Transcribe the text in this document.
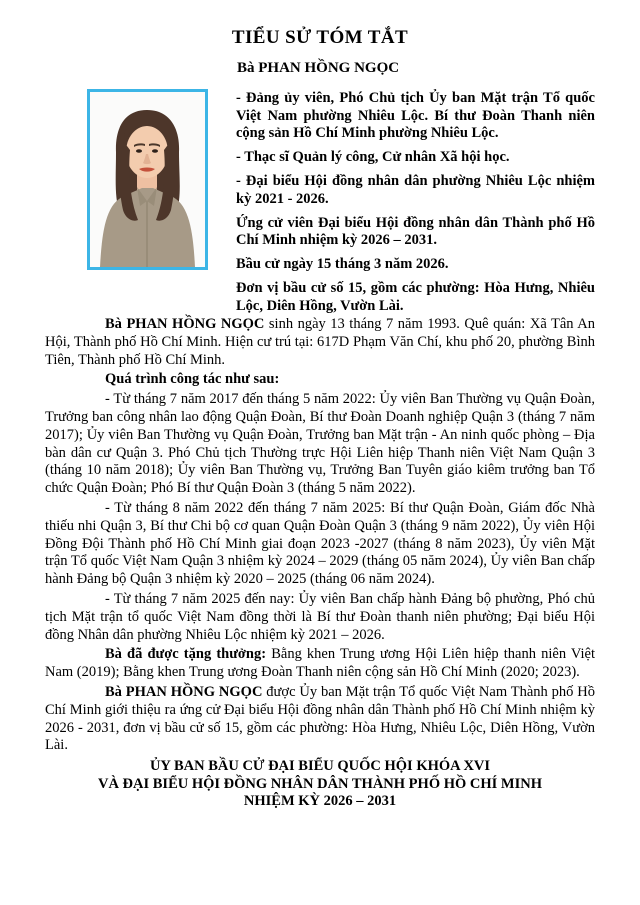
TIỂU SỬ TÓM TẮT
Bà PHAN HỒNG NGỌC

- Đảng ủy viên, Phó Chủ tịch Ủy ban Mặt trận Tổ quốc Việt Nam phường Nhiêu Lộc. Bí thư Đoàn Thanh niên cộng sản Hồ Chí Minh phường Nhiêu Lộc.

- Thạc sĩ Quản lý công, Cử nhân Xã hội học.

- Đại biểu Hội đồng nhân dân phường Nhiêu Lộc nhiệm kỳ 2021 - 2026.

Ứng cử viên Đại biểu Hội đồng nhân dân Thành phố Hồ Chí Minh nhiệm kỳ 2026 – 2031.

Bầu cử ngày 15 tháng 3 năm 2026.

Đơn vị bầu cử số 15, gồm các phường: Hòa Hưng, Nhiêu Lộc, Diên Hồng, Vườn Lài.

Bà PHAN HỒNG NGỌC sinh ngày 13 tháng 7 năm 1993. Quê quán: Xã Tân An Hội, Thành phố Hồ Chí Minh. Hiện cư trú tại: 617D Phạm Văn Chí, khu phố 20, phường Bình Tiên, Thành phố Hồ Chí Minh.

Quá trình công tác như sau:

- Từ tháng 7 năm 2017 đến tháng 5 năm 2022: Ủy viên Ban Thường vụ Quận Đoàn, Trưởng ban công nhân lao động Quận Đoàn, Bí thư Đoàn Doanh nghiệp Quận 3 (tháng 7 năm 2017); Ủy viên Ban Thường vụ Quận Đoàn, Trưởng ban Mặt trận - An ninh quốc phòng – Địa bàn dân cư Quận 3. Phó Chủ tịch Thường trực Hội Liên hiệp Thanh niên Việt Nam Quận 3 (tháng 10 năm 2018); Ủy viên Ban Thường vụ, Trưởng Ban Tuyên giáo kiêm trưởng ban Tổ chức Quận Đoàn; Phó Bí thư Quận Đoàn 3 (tháng 5 năm 2022).

- Từ tháng 8 năm 2022 đến tháng 7 năm 2025: Bí thư Quận Đoàn, Giám đốc Nhà thiếu nhi Quận 3, Bí thư Chi bộ cơ quan Quận Đoàn Quận 3 (tháng 9 năm 2022), Ủy viên Hội Đồng Đội Thành phố Hồ Chí Minh giai đoạn 2023 -2027 (tháng 8 năm 2023), Ủy viên Mặt trận Tổ quốc Việt Nam Quận 3 nhiệm kỳ 2024 – 2029 (tháng 05 năm 2024), Ủy viên Ban chấp hành Đảng bộ Quận 3 nhiệm kỳ 2020 – 2025 (tháng 06 năm 2024).

- Từ tháng 7 năm 2025 đến nay: Ủy viên Ban chấp hành Đảng bộ phường, Phó chủ tịch Mặt trận tổ quốc Việt Nam đồng thời là Bí thư Đoàn thanh niên phường; Đại biểu Hội đồng Nhân dân phường Nhiêu Lộc nhiệm kỳ 2021 – 2026.

Bà đã được tặng thưởng: Bằng khen Trung ương Hội Liên hiệp thanh niên Việt Nam (2019); Bằng khen Trung ương Đoàn Thanh niên cộng sản Hồ Chí Minh (2020; 2023).

Bà PHAN HỒNG NGỌC được Ủy ban Mặt trận Tổ quốc Việt Nam Thành phố Hồ Chí Minh giới thiệu ra ứng cử Đại biểu Hội đồng nhân dân Thành phố Hồ Chí Minh nhiệm kỳ 2026 - 2031, đơn vị bầu cử số 15, gồm các phường: Hòa Hưng, Nhiêu Lộc, Diên Hồng, Vườn Lài.

ỦY BAN BẦU CỬ ĐẠI BIỂU QUỐC HỘI KHÓA XVI
VÀ ĐẠI BIỂU HỘI ĐỒNG NHÂN DÂN THÀNH PHỐ HỒ CHÍ MINH
NHIỆM KỲ 2026 – 2031
